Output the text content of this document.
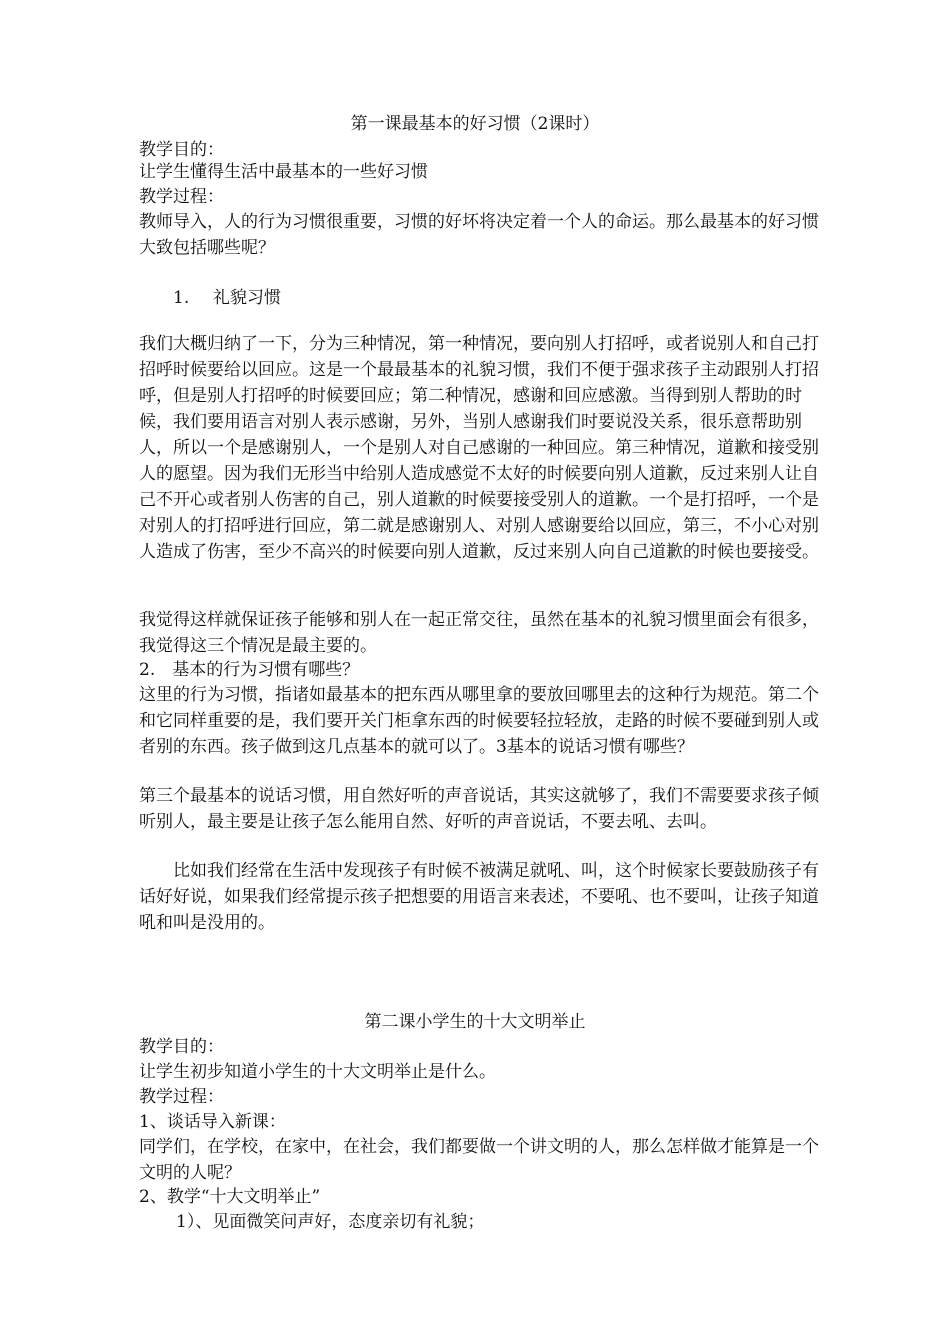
第一课最基本的好习惯（2课时）

教学目的：

让学生懂得生活中最基本的一些好习惯

教学过程：

教师导入，人的行为习惯很重要，习惯的好坏将决定着一个人的命运。那么最基本的好习惯大致包括哪些呢？

1. 礼貌习惯

我们大概归纳了一下，分为三种情况，第一种情况，要向别人打招呼，或者说别人和自己打招呼时候要给以回应。这是一个最最基本的礼貌习惯，我们不便于强求孩子主动跟别人打招呼，但是别人打招呼的时候要回应；第二种情况，感谢和回应感激。当得到别人帮助的时候，我们要用语言对别人表示感谢，另外，当别人感谢我们时要说没关系，很乐意帮助别人，所以一个是感谢别人，一个是别人对自己感谢的一种回应。第三种情况，道歉和接受别人的愿望。因为我们无形当中给别人造成感觉不太好的时候要向别人道歉，反过来别人让自己不开心或者别人伤害的自己，别人道歉的时候要接受别人的道歉。一个是打招呼，一个是对别人的打招呼进行回应，第二就是感谢别人、对别人感谢要给以回应，第三，不小心对别人造成了伤害，至少不高兴的时候要向别人道歉，反过来别人向自己道歉的时候也要接受。

我觉得这样就保证孩子能够和别人在一起正常交往，虽然在基本的礼貌习惯里面会有很多，我觉得这三个情况是最主要的。

2.　基本的行为习惯有哪些？

这里的行为习惯，指诸如最基本的把东西从哪里拿的要放回哪里去的这种行为规范。第二个和它同样重要的是，我们要开关门柜拿东西的时候要轻拉轻放，走路的时候不要碰到别人或者别的东西。孩子做到这几点基本的就可以了。3基本的说话习惯有哪些？

第三个最基本的说话习惯，用自然好听的声音说话，其实这就够了，我们不需要要求孩子倾听别人，最主要是让孩子怎么能用自然、好听的声音说话，不要去吼、去叫。

比如我们经常在生活中发现孩子有时候不被满足就吼、叫，这个时候家长要鼓励孩子有话好好说，如果我们经常提示孩子把想要的用语言来表述，不要吼、也不要叫，让孩子知道吼和叫是没用的。

第二课小学生的十大文明举止

教学目的：

让学生初步知道小学生的十大文明举止是什么。

教学过程：

1、谈话导入新课：

同学们，在学校，在家中，在社会，我们都要做一个讲文明的人，那么怎样做才能算是一个文明的人呢？

2、教学“十大文明举止”

1）、见面微笑问声好，态度亲切有礼貌；
